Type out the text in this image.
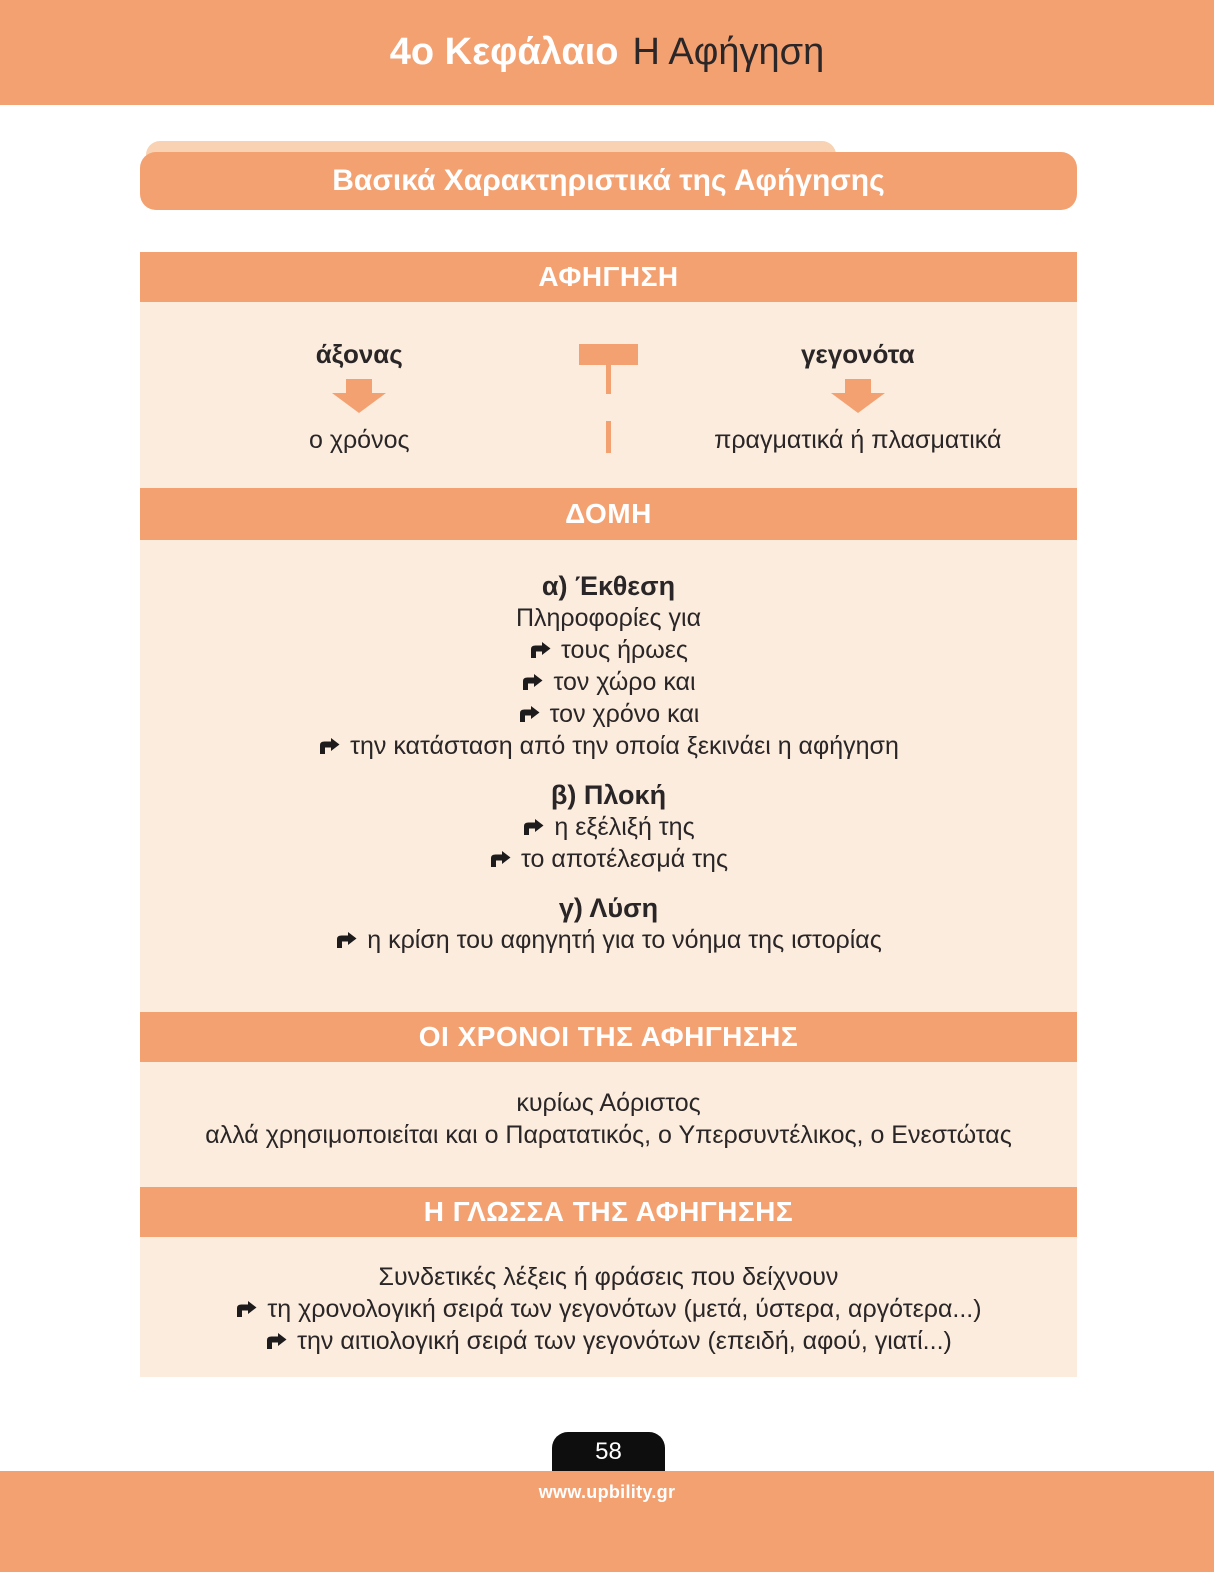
4ο Κεφάλαιο Η Αφήγηση
Βασικά Χαρακτηριστικά της Αφήγησης
ΑΦΗΓΗΣΗ
άξονας
ο χρόνος
γεγονότα
πραγματικά ή πλασματικά
ΔΟΜΗ
α) Έκθεση
Πληροφορίες για
τους ήρωες
τον χώρο και
τον χρόνο και
την κατάσταση από την οποία ξεκινάει η αφήγηση
β) Πλοκή
η εξέλιξή της
το αποτέλεσμά της
γ) Λύση
η κρίση του αφηγητή για το νόημα της ιστορίας
ΟΙ ΧΡΟΝΟΙ ΤΗΣ ΑΦΗΓΗΣΗΣ
κυρίως Αόριστος
αλλά χρησιμοποιείται και ο Παρατατικός, ο Υπερσυντέλικος, ο Ενεστώτας
Η ΓΛΩΣΣΑ ΤΗΣ ΑΦΗΓΗΣΗΣ
Συνδετικές λέξεις ή φράσεις που δείχνουν
τη χρονολογική σειρά των γεγονότων (μετά, ύστερα, αργότερα...)
την αιτιολογική σειρά των γεγονότων (επειδή, αφού, γιατί...)
58
www.upbility.gr
